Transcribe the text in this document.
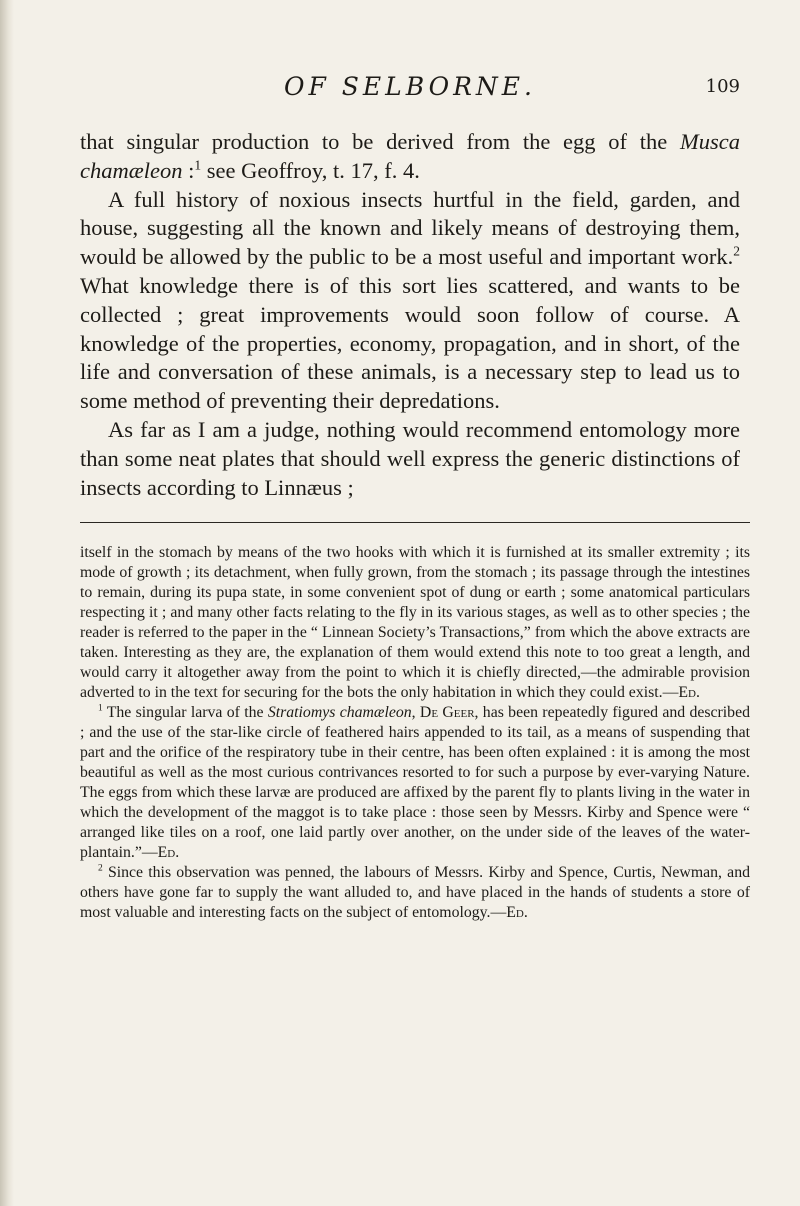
OF SELBORNE.	109

that singular production to be derived from the egg of the Musca chamæleon :$^1$ see Geoffroy, t. 17, f. 4.

A full history of noxious insects hurtful in the field, garden, and house, suggesting all the known and likely means of destroying them, would be allowed by the public to be a most useful and important work.$^2$ What knowledge there is of this sort lies scattered, and wants to be collected ; great improvements would soon follow of course. A knowledge of the properties, economy, propagation, and in short, of the life and conversation of these animals, is a necessary step to lead us to some method of preventing their depredations.

As far as I am a judge, nothing would recommend entomology more than some neat plates that should well express the generic distinctions of insects according to Linnæus ;

itself in the stomach by means of the two hooks with which it is furnished at its smaller extremity ; its mode of growth ; its detachment, when fully grown, from the stomach ; its passage through the intestines to remain, during its pupa state, in some convenient spot of dung or earth ; some anatomical particulars respecting it ; and many other facts relating to the fly in its various stages, as well as to other species ; the reader is referred to the paper in the “ Linnean Society’s Transactions,” from which the above extracts are taken. Interesting as they are, the explanation of them would extend this note to too great a length, and would carry it altogether away from the point to which it is chiefly directed,—the admirable provision adverted to in the text for securing for the bots the only habitation in which they could exist.—Ed.

$^1$ The singular larva of the Stratiomys chamæleon, De Geer, has been repeatedly figured and described ; and the use of the star-like circle of feathered hairs appended to its tail, as a means of suspending that part and the orifice of the respiratory tube in their centre, has been often explained : it is among the most beautiful as well as the most curious contrivances resorted to for such a purpose by ever-varying Nature. The eggs from which these larvæ are produced are affixed by the parent fly to plants living in the water in which the development of the maggot is to take place : those seen by Messrs. Kirby and Spence were “ arranged like tiles on a roof, one laid partly over another, on the under side of the leaves of the water-plantain.”—Ed.

$^2$ Since this observation was penned, the labours of Messrs. Kirby and Spence, Curtis, Newman, and others have gone far to supply the want alluded to, and have placed in the hands of students a store of most valuable and interesting facts on the subject of entomology.—Ed.
